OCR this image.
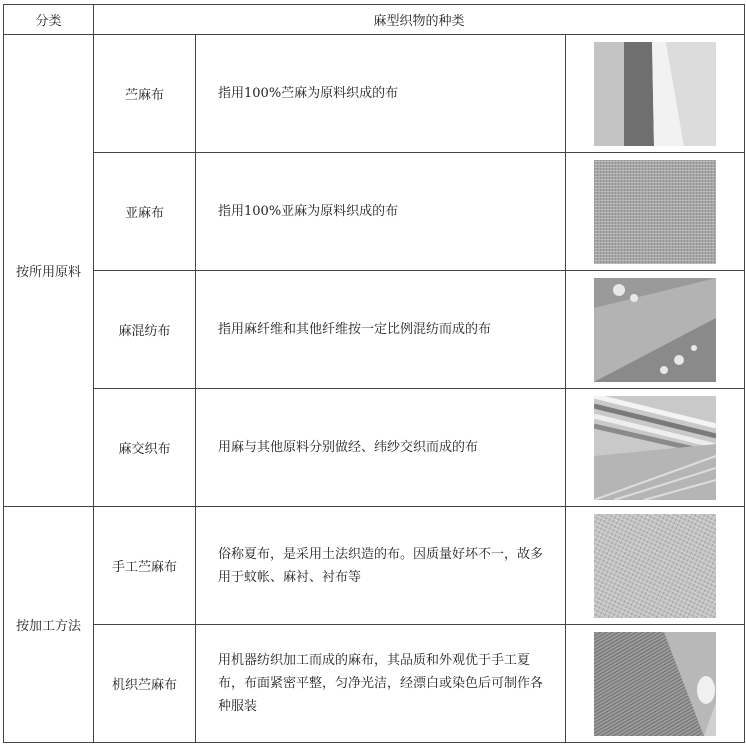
分类	麻型织物的种类		
按所用原料	苎麻布	指用100%苎麻为原料织成的布	

	亚麻布	指用100%亚麻为原料织成的布	

	麻混纺布	指用麻纤维和其他纤维按一定比例混纺而成的布	

	麻交织布	用麻与其他原料分别做经、纬纱交织而成的布	

按加工方法	手工苎麻布	俗称夏布，是采用土法织造的布。因质量好坏不一，故多用于蚊帐、麻衬、衬布等	

	机织苎麻布	用机器纺织加工而成的麻布，其品质和外观优于手工夏布，布面紧密平整，匀净光洁，经漂白或染色后可制作各种服装	
